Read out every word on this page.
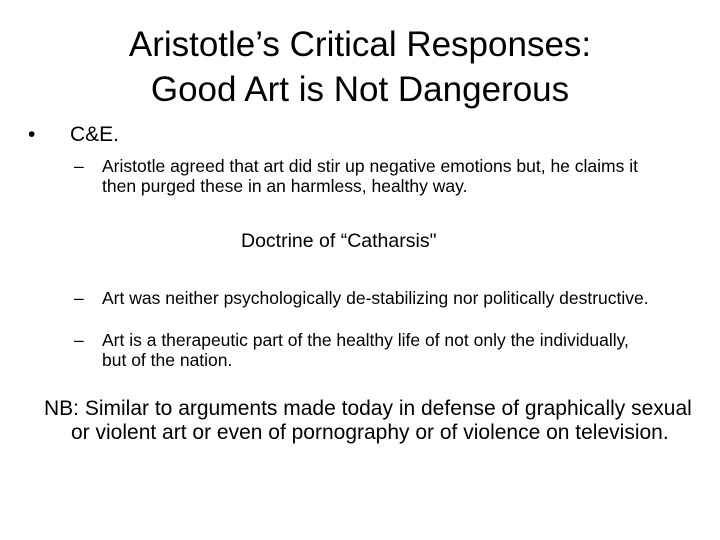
Aristotle’s Critical Responses:
Good Art is Not Dangerous
• C&E.
–	Aristotle agreed that art did stir up negative emotions but, he claims it then purged these in an harmless, healthy way.
Doctrine of “Catharsis"
–	Art was neither psychologically de-stabilizing nor politically destructive.
–	Art is a therapeutic part of the healthy life of not only the individually, but of the nation.
NB: Similar to arguments made today in defense of graphically sexual or violent art or even of pornography or of violence on television.
